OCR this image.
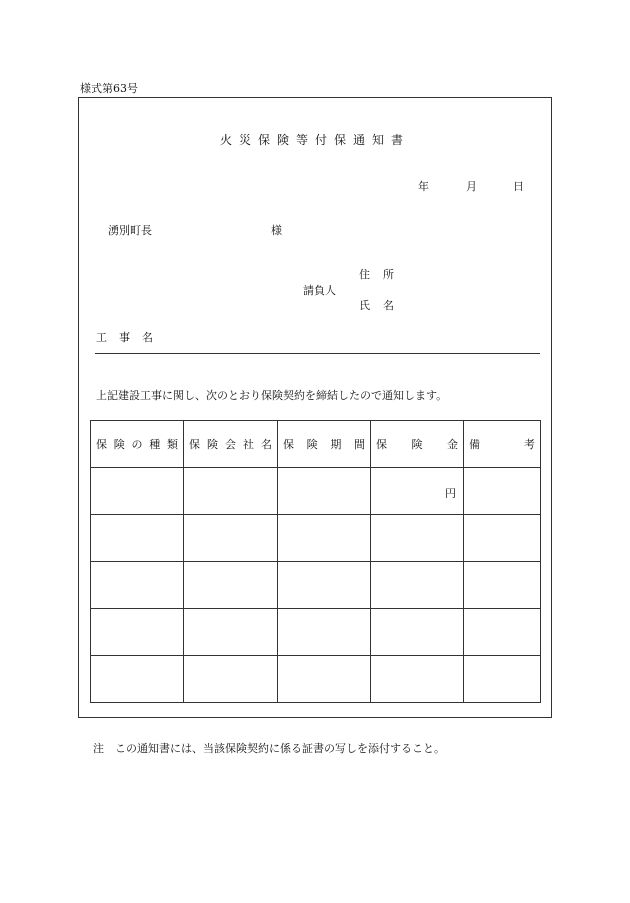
様式第63号
火災保険等付保通知書
年	月	日
湧別町長	様
住 所
請負人
氏 名
工 事 名
上記建設工事に関し、次のとおり保険契約を締結したので通知します。
保 険 の 種 類	保 険 会 社 名	保 険 期 間	保 険 金	備 考

			円	

注　この通知書には、当該保険契約に係る証書の写しを添付すること。
